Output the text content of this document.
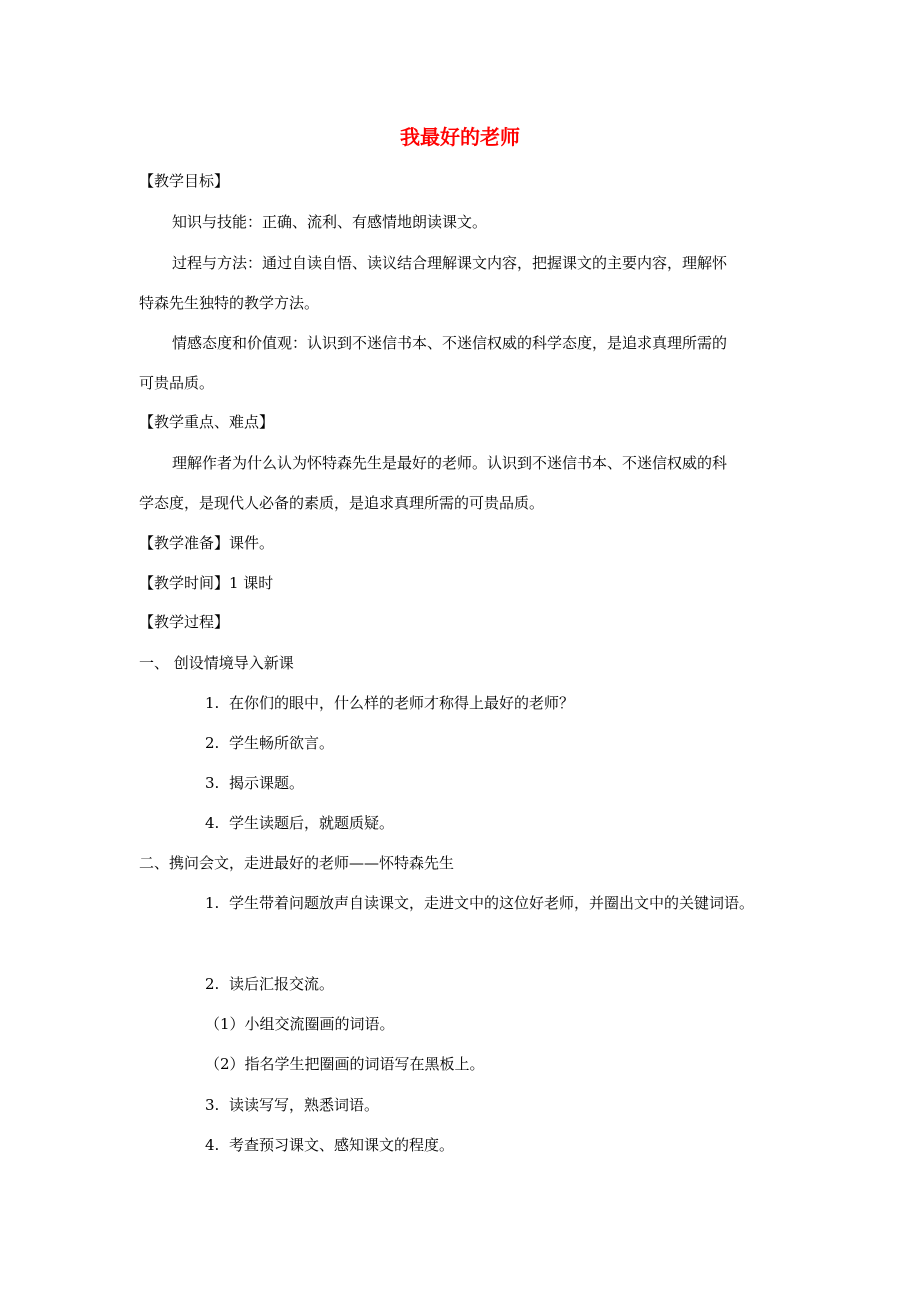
我最好的老师
【教学目标】
知识与技能：正确、流利、有感情地朗读课文。
过程与方法：通过自读自悟、读议结合理解课文内容，把握课文的主要内容，理解怀
特森先生独特的教学方法。
情感态度和价值观：认识到不迷信书本、不迷信权威的科学态度，是追求真理所需的
可贵品质。
【教学重点、难点】
理解作者为什么认为怀特森先生是最好的老师。认识到不迷信书本、不迷信权威的科
学态度，是现代人必备的素质，是追求真理所需的可贵品质。
【教学准备】课件。
【教学时间】1 课时
【教学过程】
一、 创设情境导入新课
1. 在你们的眼中，什么样的老师才称得上最好的老师？
2. 学生畅所欲言。
3. 揭示课题。
4. 学生读题后，就题质疑。
二、携问会文，走进最好的老师——怀特森先生
1. 学生带着问题放声自读课文，走进文中的这位好老师，并圈出文中的关键词语。
2. 读后汇报交流。
（1）小组交流圈画的词语。
（2）指名学生把圈画的词语写在黑板上。
3. 读读写写，熟悉词语。
4. 考查预习课文、感知课文的程度。
